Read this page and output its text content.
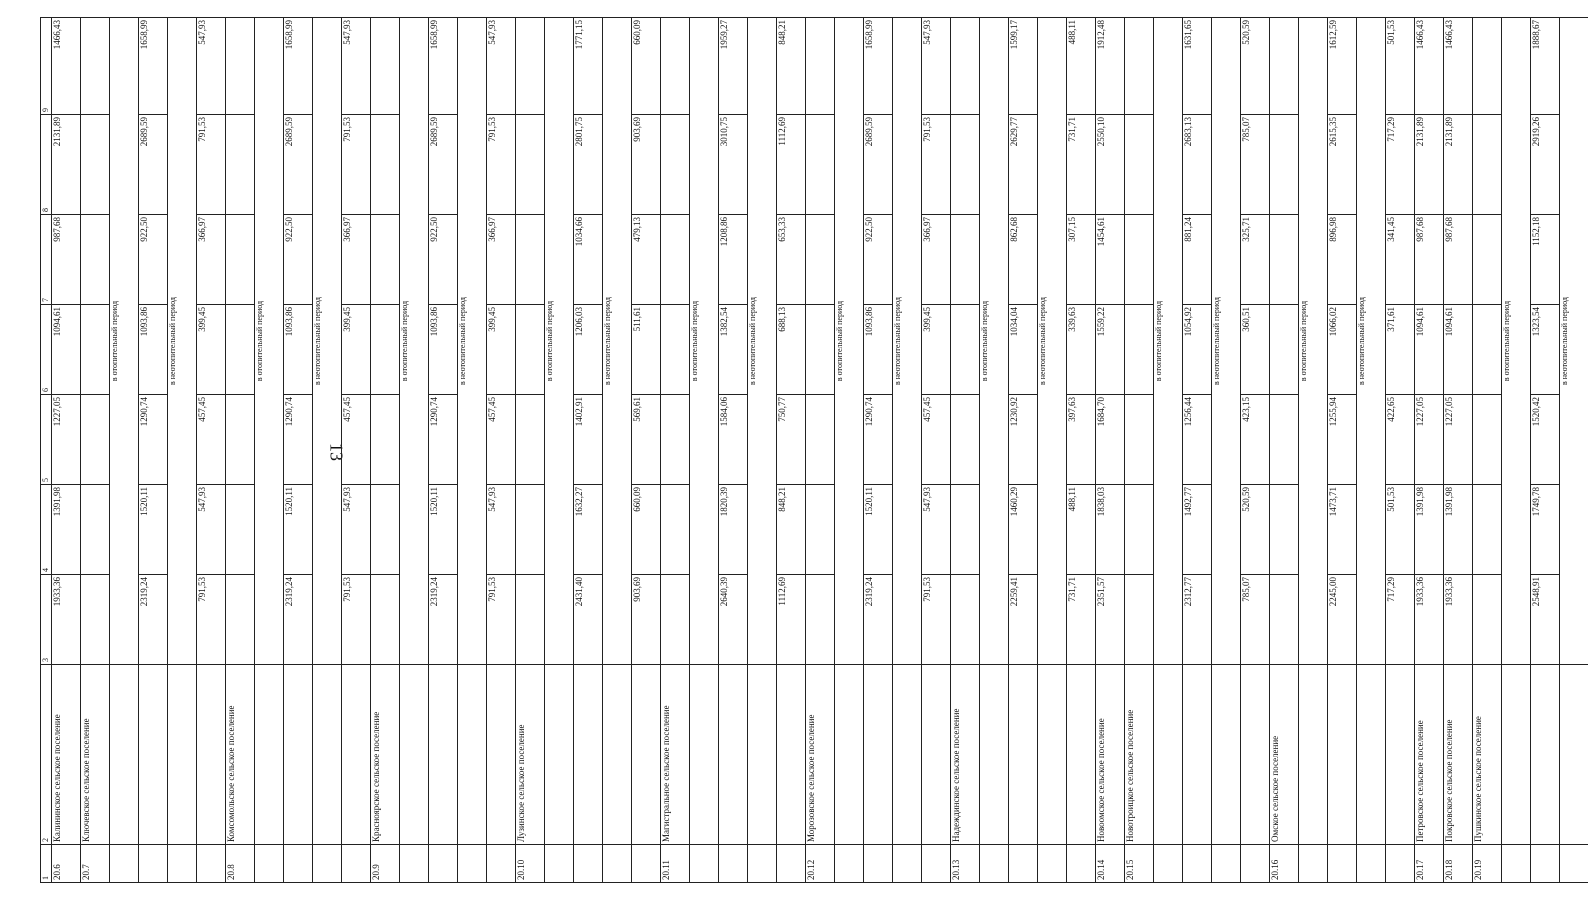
13
1	2	3	4	5	6	7	8	9
20.6	Калининское сельское поселение	1933,36	1391,98	1227,05	1094,61	987,68	2131,89	1466,43
20.7	Ключевское сельское поселение							
		в отопительный период						
		2319,24	1520,11	1290,74	1093,86	922,50	2689,59	1658,99
		в неотопительный период						
		791,53	547,93	457,45	399,45	366,97	791,53	547,93
20.8	Комсомольское сельское поселение							
		в отопительный период						
		2319,24	1520,11	1290,74	1093,86	922,50	2689,59	1658,99
		в неотопительный период						
		791,53	547,93	457,45	399,45	366,97	791,53	547,93
20.9	Красноярское сельское поселение							
		в отопительный период						
		2319,24	1520,11	1290,74	1093,86	922,50	2689,59	1658,99
		в неотопительный период						
		791,53	547,93	457,45	399,45	366,97	791,53	547,93
20.10	Лузинское сельское поселение							
		в отопительный период						
		2431,40	1632,27	1402,91	1206,03	1034,66	2801,75	1771,15
		в неотопительный период						
		903,69	660,09	569,61	511,61	479,13	903,69	660,09
20.11	Магистральное сельское поселение							
		в отопительный период						
		2640,39	1820,39	1584,06	1382,54	1208,86	3010,75	1959,27
		в неотопительный период						
		1112,69	848,21	750,77	688,13	653,33	1112,69	848,21
20.12	Морозовское сельское поселение							
		в отопительный период						
		2319,24	1520,11	1290,74	1093,86	922,50	2689,59	1658,99
		в неотопительный период						
		791,53	547,93	457,45	399,45	366,97	791,53	547,93
20.13	Надеждинское сельское поселение							
		в отопительный период						
		2259,41	1460,29	1230,92	1034,04	862,68	2629,77	1599,17
		в неотопительный период						
		731,71	488,11	397,63	339,63	307,15	731,71	488,11
20.14	Новоомское сельское поселение	2351,57	1838,03	1684,70	1559,22	1454,61	2550,10	1912,48
20.15	Новотроицкое сельское поселение							
		в отопительный период						
		2312,77	1492,77	1256,44	1054,92	881,24	2683,13	1631,65
		в неотопительный период						
		785,07	520,59	423,15	360,51	325,71	785,07	520,59
20.16	Омское сельское поселение							
		в отопительный период						
		2245,00	1473,71	1255,94	1066,02	896,98	2615,35	1612,59
		в неотопительный период						
		717,29	501,53	422,65	371,61	341,45	717,29	501,53
20.17	Петровское сельское поселение	1933,36	1391,98	1227,05	1094,61	987,68	2131,89	1466,43
20.18	Покровское сельское поселение	1933,36	1391,98	1227,05	1094,61	987,68	2131,89	1466,43
20.19	Пушкинское сельское поселение							
		в отопительный период						
		2548,91	1749,78	1520,42	1323,54	1152,18	2919,26	1888,67
		в неотопительный период						
